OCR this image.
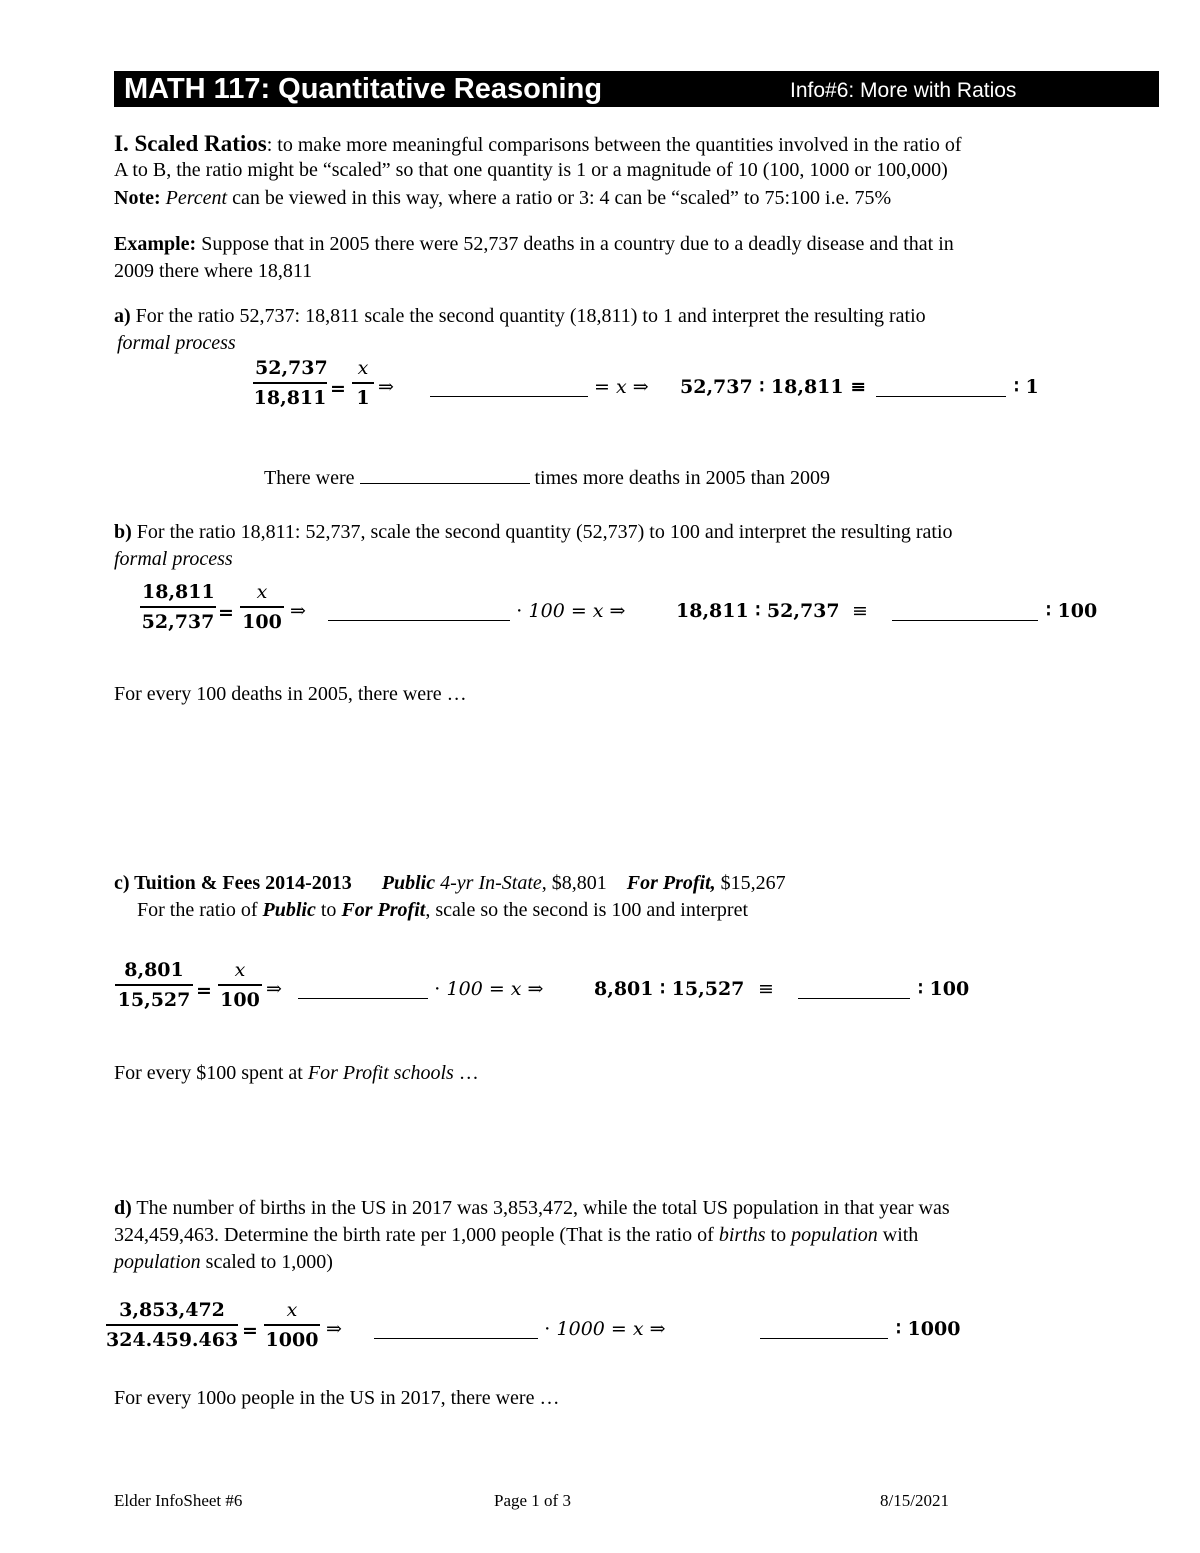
MATH 117: Quantitative Reasoning	Info#6: More with Ratios
I. Scaled Ratios: to make more meaningful comparisons between the quantities involved in the ratio of
A to B, the ratio might be “scaled” so that one quantity is 1 or a magnitude of 10 (100, 1000 or 100,000)
Note: Percent can be viewed in this way, where a ratio or 3: 4 can be “scaled” to 75:100 i.e. 75%
Example: Suppose that in 2005 there were 52,737 deaths in a country due to a deadly disease and that in
2009 there where 18,811
a) For the ratio 52,737: 18,811 scale the second quantity (18,811) to 1 and interpret the resulting ratio
formal process
$\frac{52,737}{18,811} = \frac{x}{1}$ ⇒	= x ⇒ 52,737 ∶ 18,811 ≡	∶ 1
There were	times more deaths in 2005 than 2009
b) For the ratio 18,811: 52,737, scale the second quantity (52,737) to 100 and interpret the resulting ratio
formal process
$\frac{18,811}{52,737} = \frac{x}{100}$ ⇒	⋅ 100 = x ⇒	18,811 ∶ 52,737 ≡	∶ 100
For every 100 deaths in 2005, there were …
c) Tuition & Fees 2014-2013 Public 4-yr In-State, $8,801 For Profit, $15,267
For the ratio of Public to For Profit, scale so the second is 100 and interpret
$\frac{8,801}{15,527} = \frac{x}{100}$ ⇒	⋅ 100 = x ⇒	8,801 ∶ 15,527 ≡	∶ 100
For every $100 spent at For Profit schools …
d) The number of births in the US in 2017 was 3,853,472, while the total US population in that year was
324,459,463. Determine the birth rate per 1,000 people (That is the ratio of births to population with
population scaled to 1,000)
$\frac{3,853,472}{324.459.463} = \frac{x}{1000}$ ⇒	⋅ 1000 = x ⇒	∶ 1000
For every 100o people in the US in 2017, there were …
Elder InfoSheet #6	Page 1 of 3	8/15/2021
